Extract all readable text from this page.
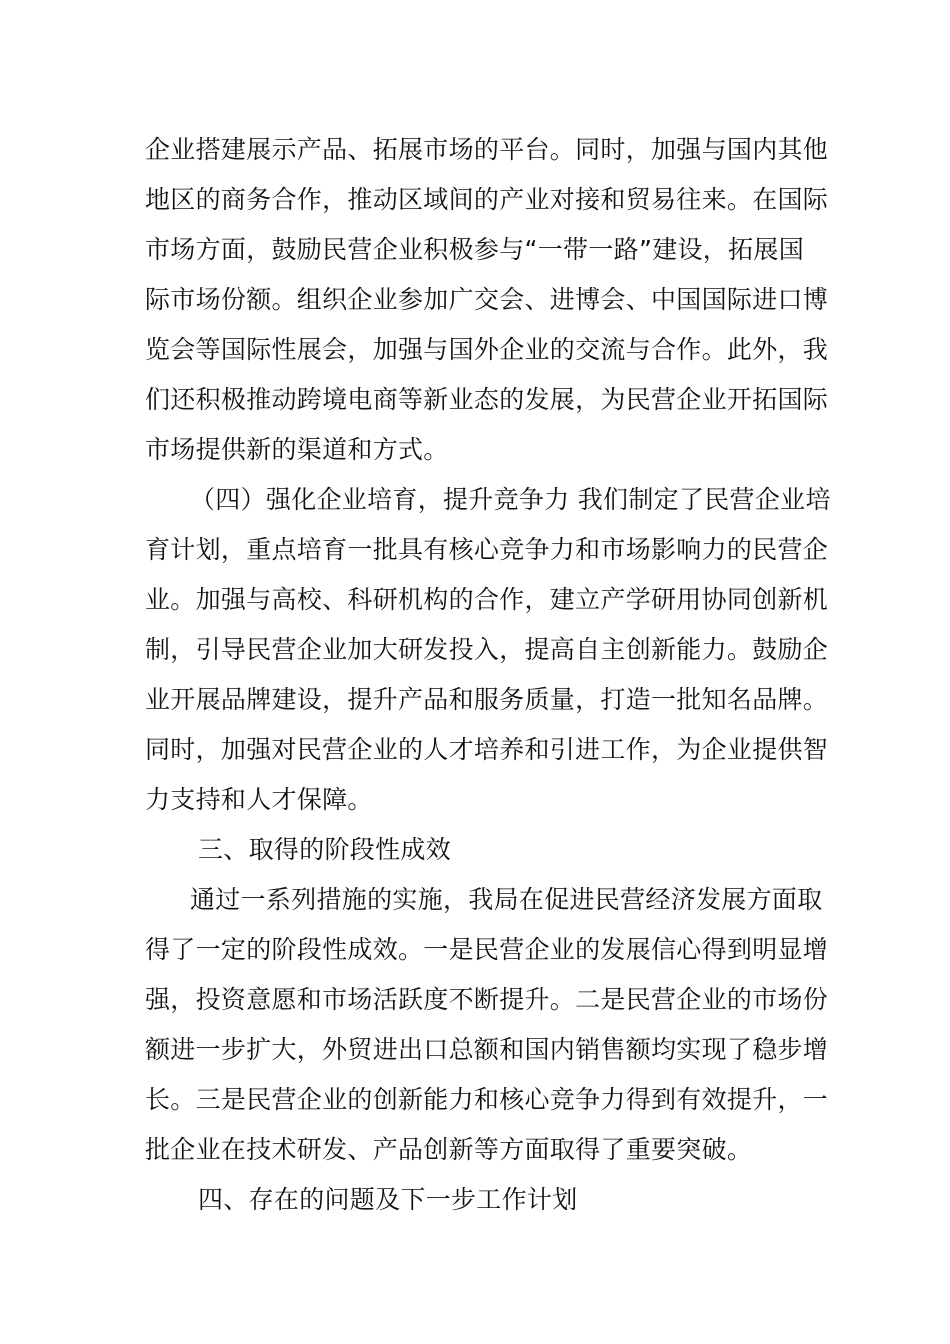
企业搭建展示产品、拓展市场的平台。同时，加强与国内其他

地区的商务合作，推动区域间的产业对接和贸易往来。在国际

市场方面，鼓励民营企业积极参与“一带一路”建设，拓展国

际市场份额。组织企业参加广交会、进博会、中国国际进口博

览会等国际性展会，加强与国外企业的交流与合作。此外，我

们还积极推动跨境电商等新业态的发展，为民营企业开拓国际

市场提供新的渠道和方式。

（四）强化企业培育，提升竞争力 我们制定了民营企业培

育计划，重点培育一批具有核心竞争力和市场影响力的民营企

业。加强与高校、科研机构的合作，建立产学研用协同创新机

制，引导民营企业加大研发投入，提高自主创新能力。鼓励企

业开展品牌建设，提升产品和服务质量，打造一批知名品牌。

同时，加强对民营企业的人才培养和引进工作，为企业提供智

力支持和人才保障。

三、取得的阶段性成效

通过一系列措施的实施，我局在促进民营经济发展方面取

得了一定的阶段性成效。一是民营企业的发展信心得到明显增

强，投资意愿和市场活跃度不断提升。二是民营企业的市场份

额进一步扩大，外贸进出口总额和国内销售额均实现了稳步增

长。三是民营企业的创新能力和核心竞争力得到有效提升，一

批企业在技术研发、产品创新等方面取得了重要突破。

四、存在的问题及下一步工作计划
